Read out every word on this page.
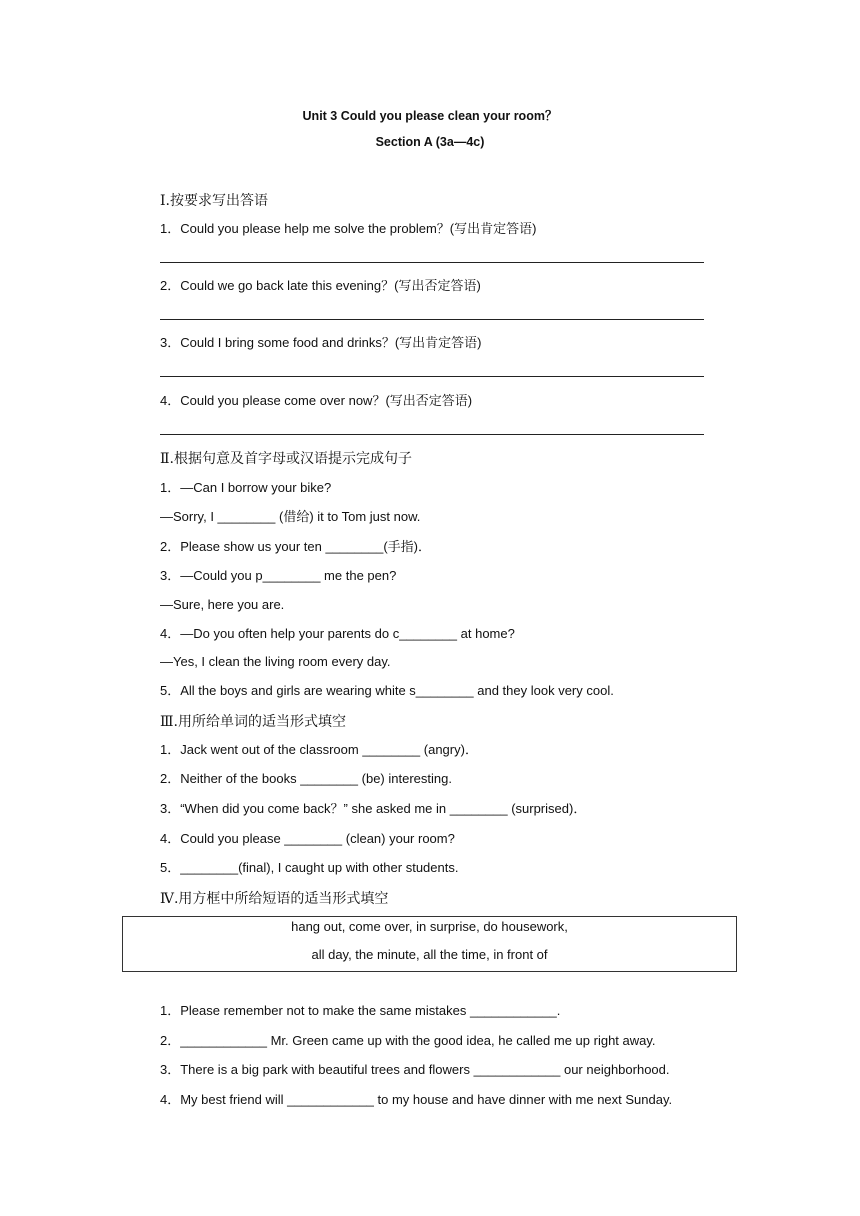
Unit 3 Could you please clean your room？
Section A (3a—4c)
Ⅰ.按要求写出答语
1．Could you please help me solve the problem？(写出肯定答语)
2．Could we go back late this evening？(写出否定答语)
3．Could I bring some food and drinks？(写出肯定答语)
4．Could you please come over now？(写出否定答语)
Ⅱ.根据句意及首字母或汉语提示完成句子
1．—Can I borrow your bike?
—Sorry, I ________ (借给) it to Tom just now.
2．Please show us your ten ________(手指)．
3．—Could you p________ me the pen?
—Sure, here you are.
4．—Do you often help your parents do c________ at home?
—Yes, I clean the living room every day.
5．All the boys and girls are wearing white s________ and they look very cool.
Ⅲ.用所给单词的适当形式填空
1．Jack went out of the classroom ________ (angry)．
2．Neither of the books ________ (be) interesting.
3．“When did you come back？” she asked me in ________ (surprised)．
4．Could you please ________ (clean) your room?
5．________(final), I caught up with other students.
Ⅳ.用方框中所给短语的适当形式填空
hang out, come over, in surprise, do housework,
all day, the minute, all the time, in front of
1．Please remember not to make the same mistakes ____________.
2．____________ Mr. Green came up with the good idea, he called me up right away.
3．There is a big park with beautiful trees and flowers ____________ our neighborhood.
4．My best friend will ____________ to my house and have dinner with me next Sunday.
